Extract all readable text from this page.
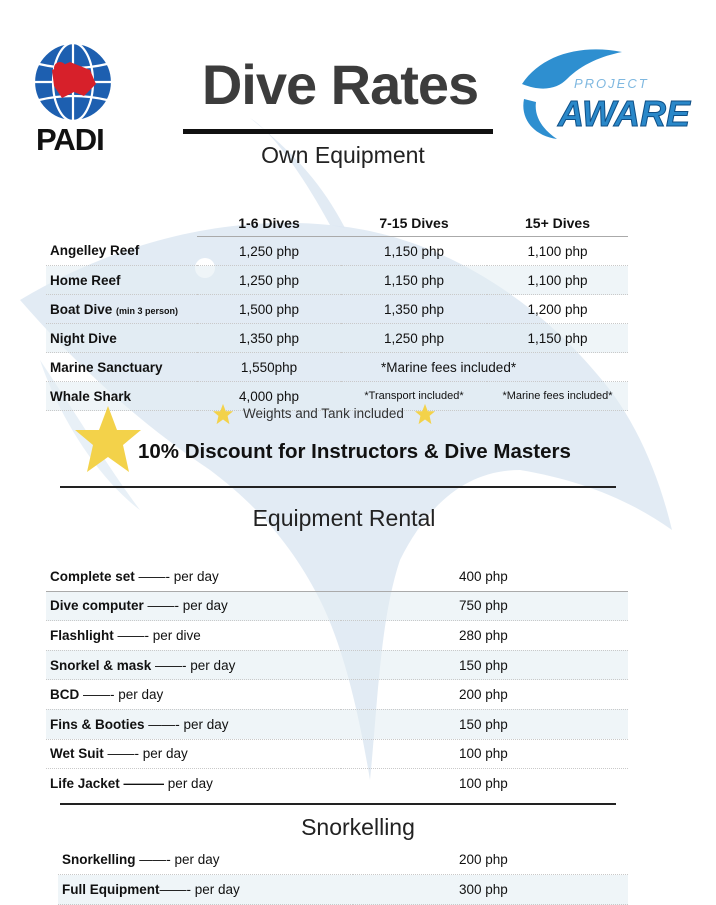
PADI
Dive Rates	PROJECT
AWARE
Own Equipment
	1-6 Dives	7-15 Dives	15+ Dives
Angelley Reef	1,250 php	1,150 php	1,100 php
Home Reef	1,250 php	1,150 php	1,100 php
Boat Dive (min 3 person)	1,500 php	1,350 php	1,200 php
Night Dive	1,350 php	1,250 php	1,150 php
Marine Sanctuary	1,550php	*Marine fees included*	
Whale Shark	4,000 php	*Transport included*	*Marine fees included*
Weights and Tank included
10% Discount for Instructors & Dive Masters
Equipment Rental
Complete set ——- per day	400 php
Dive computer ——- per day	750 php
Flashlight ——- per dive	280 php
Snorkel & mask ——- per day	150 php
BCD ——- per day	200 php
Fins & Booties ——- per day	150 php
Wet Suit ——- per day	100 php
Life Jacket ——— per day	100 php
Snorkelling
Snorkelling ——- per day	200 php
Full Equipment——- per day	300 php
